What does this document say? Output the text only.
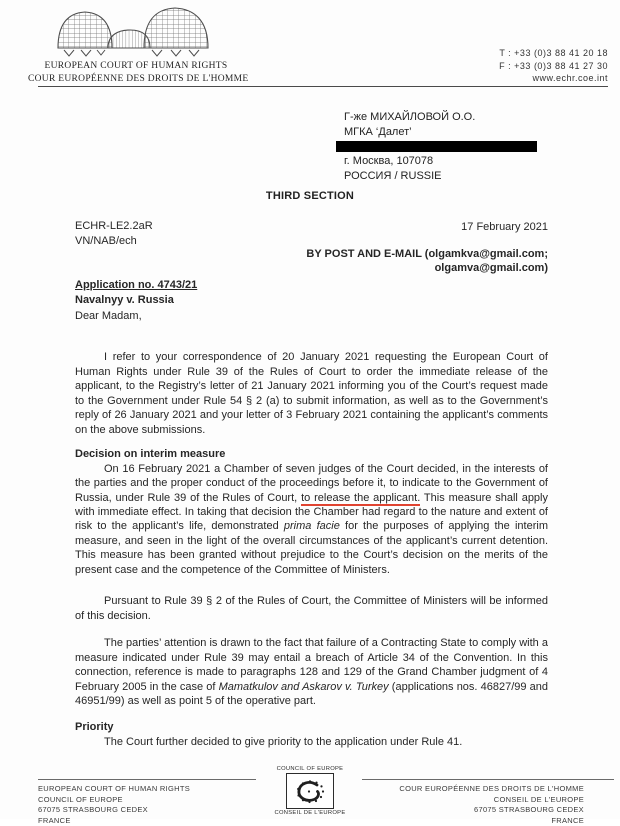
EUROPEAN COURT OF HUMAN RIGHTS
COUR EUROPÉENNE DES DROITS DE L'HOMME
T : +33 (0)3 88 41 20 18
F : +33 (0)3 88 41 27 30
www.echr.coe.int
Г-же МИХАЙЛОВОЙ О.О.
МГКА ‘Далет’
г. Москва, 107078
РОССИЯ / RUSSIE
THIRD SECTION
ECHR-LE2.2aR
VN/NAB/ech
17 February 2021
BY POST AND E-MAIL (olgamkva@gmail.com;
olgamva@gmail.com)
Application no. 4743/21
Navalnyy v. Russia

Dear Madam,

I refer to your correspondence of 20 January 2021 requesting the European Court of Human Rights under Rule 39 of the Rules of Court to order the immediate release of the applicant, to the Registry’s letter of 21 January 2021 informing you of the Court’s request made to the Government under Rule 54 § 2 (a) to submit information, as well as to the Government’s reply of 26 January 2021 and your letter of 3 February 2021 containing the applicant’s comments on the above submissions.

Decision on interim measure

On 16 February 2021 a Chamber of seven judges of the Court decided, in the interests of the parties and the proper conduct of the proceedings before it, to indicate to the Government of Russia, under Rule 39 of the Rules of Court, to release the applicant. This measure shall apply with immediate effect. In taking that decision the Chamber had regard to the nature and extent of risk to the applicant’s life, demonstrated prima facie for the purposes of applying the interim measure, and seen in the light of the overall circumstances of the applicant’s current detention. This measure has been granted without prejudice to the Court’s decision on the merits of the present case and the competence of the Committee of Ministers.

Pursuant to Rule 39 § 2 of the Rules of Court, the Committee of Ministers will be informed of this decision.

The parties’ attention is drawn to the fact that failure of a Contracting State to comply with a measure indicated under Rule 39 may entail a breach of Article 34 of the Convention. In this connection, reference is made to paragraphs 128 and 129 of the Grand Chamber judgment of 4 February 2005 in the case of Mamatkulov and Askarov v. Turkey (applications nos. 46827/99 and 46951/99) as well as point 5 of the operative part.

Priority

The Court further decided to give priority to the application under Rule 41.

EUROPEAN COURT OF HUMAN RIGHTS
COUNCIL OF EUROPE
67075 STRASBOURG CEDEX
FRANCE
COUNCIL OF EUROPE
CONSEIL DE L'EUROPE
COUR EUROPÉENNE DES DROITS DE L'HOMME
CONSEIL DE L'EUROPE
67075 STRASBOURG CEDEX
FRANCE
